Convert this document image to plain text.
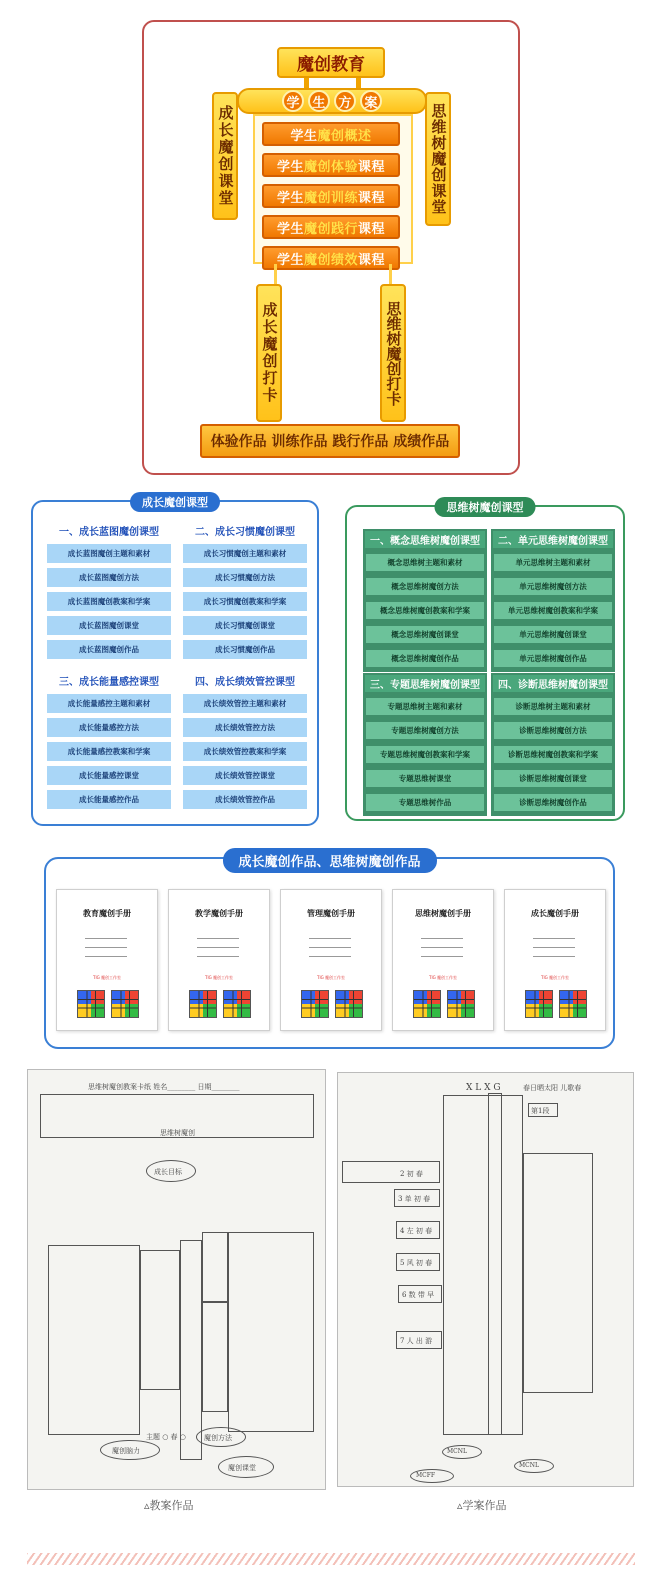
魔创教育
学 生 方 案
成长魔创课堂	思维树魔创课堂
学生 魔创概述
学生 魔创体验 课程
学生 魔创训练 课程
学生 魔创践行 课程
学生 魔创绩效 课程
成长魔创打卡	思维树魔创打卡
体验作品 训练作品 践行作品 成绩作品
成长魔创课型
一、成长蓝图魔创课型
成长蓝图魔创主题和素材
成长蓝图魔创方法
成长蓝图魔创教案和学案
成长蓝图魔创课堂
成长蓝图魔创作品
二、成长习惯魔创课型
成长习惯魔创主题和素材
成长习惯魔创方法
成长习惯魔创教案和学案
成长习惯魔创课堂
成长习惯魔创作品
三、成长能量感控课型
成长能量感控主题和素材
成长能量感控方法
成长能量感控教案和学案
成长能量感控课堂
成长能量感控作品
四、成长绩效管控课型
成长绩效管控主题和素材
成长绩效管控方法
成长绩效管控教案和学案
成长绩效管控课堂
成长绩效管控作品
思维树魔创课型
一、概念思维树魔创课型
概念思维树主题和素材
概念思维树魔创方法
概念思维树魔创教案和学案
概念思维树魔创课堂
概念思维树魔创作品
二、单元思维树魔创课型
单元思维树主题和素材
单元思维树魔创方法
单元思维树魔创教案和学案
单元思维树魔创课堂
单元思维树魔创作品
三、专题思维树魔创课型
专题思维树主题和素材
专题思维树魔创方法
专题思维树魔创教案和学案
专题思维树课堂
专题思维树作品
四、诊断思维树魔创课型
诊断思维树主题和素材
诊断思维树魔创方法
诊断思维树魔创教案和学案
诊断思维树魔创课堂
诊断思维树魔创作品
成长魔创作品、思维树魔创作品
教育魔创手册
TIG 魔创工作室
教学魔创手册
TIG 魔创工作室
管理魔创手册
TIG 魔创工作室
思维树魔创手册
TIG 魔创工作室
成长魔创手册
TIG 魔创工作室
思维树魔创教案卡纸 姓名________ 日期________
思维树魔创
成长目标
主题 ○ 春 ○
魔创脑力
魔创方法
魔创课堂
▵教案作品
X L X G	春日晒太阳 儿歌春
第1段
2 初 春
3 单 初 春
4 左 初 春
5 风 初 春
6 数 带 早
7 人 出 游
MCNL
MCFF
MCNL
▵学案作品
